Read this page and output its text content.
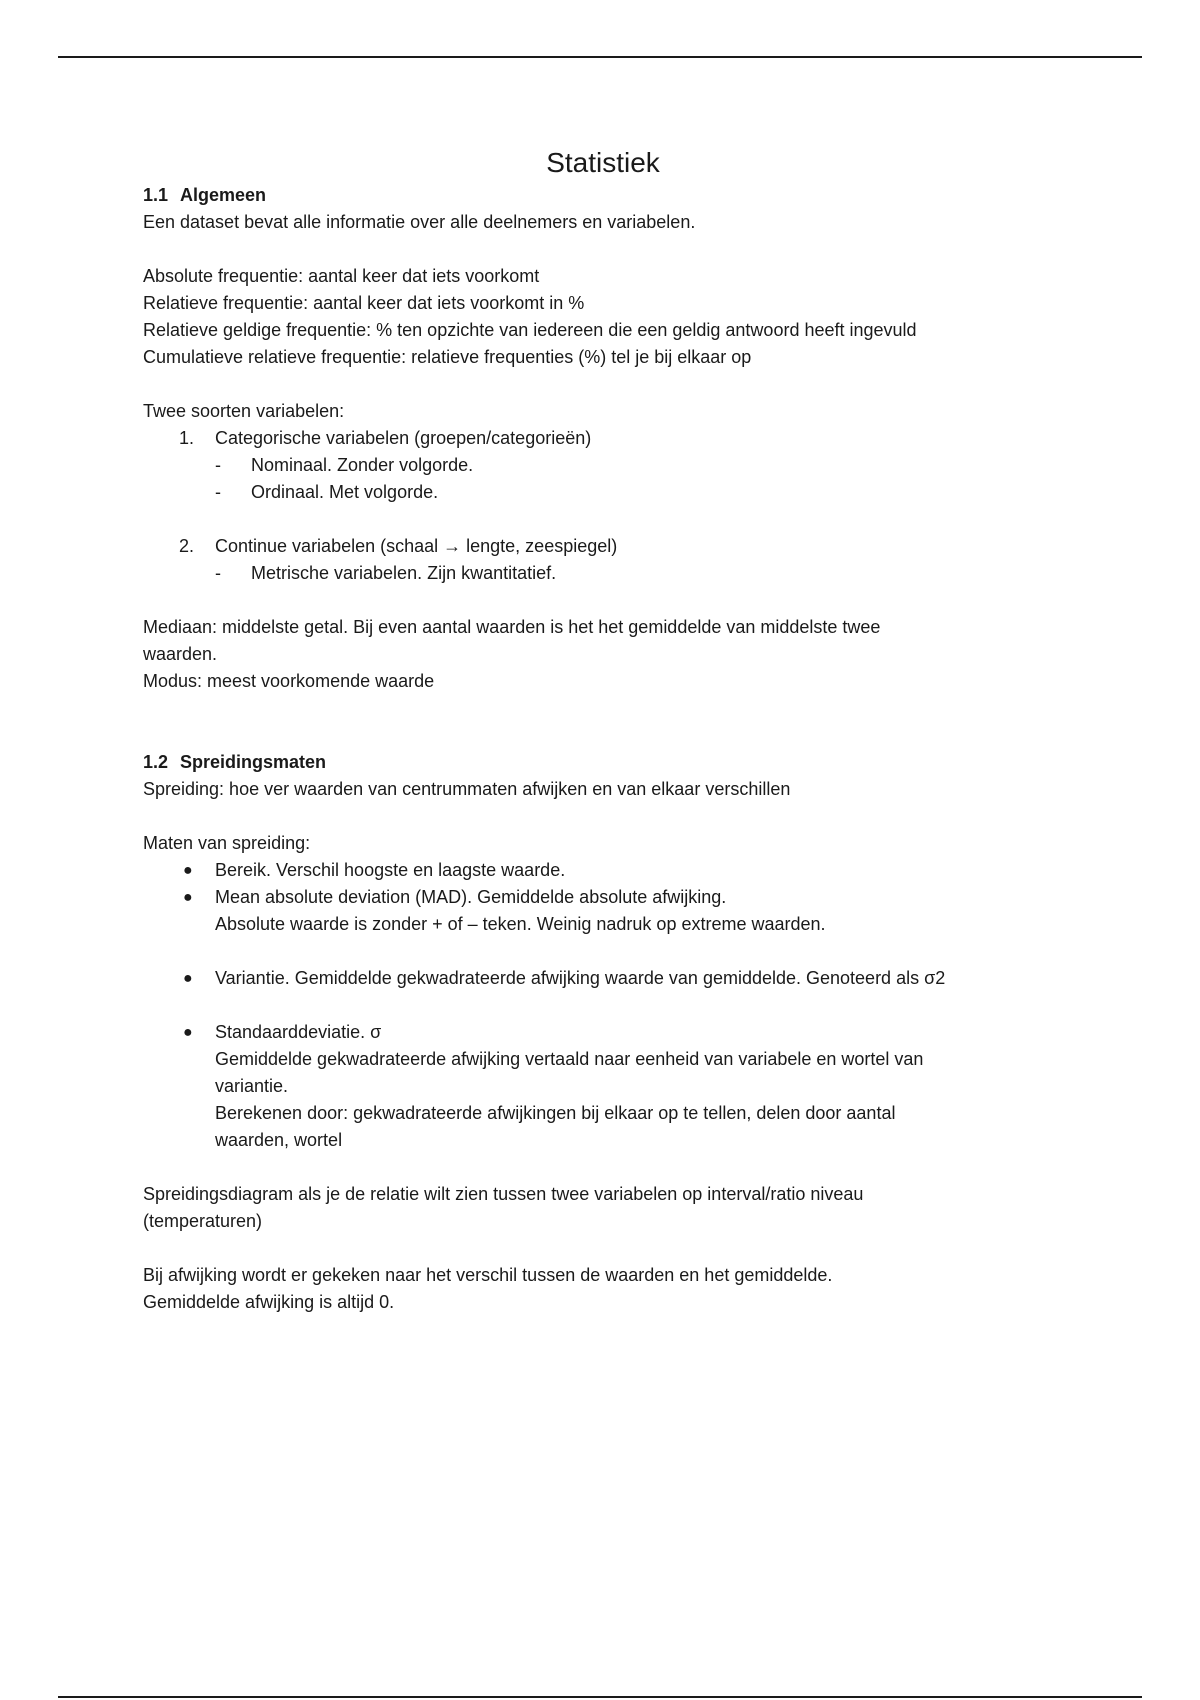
Statistiek
1.1 Algemeen

Een dataset bevat alle informatie over alle deelnemers en variabelen.

Absolute frequentie: aantal keer dat iets voorkomt

Relatieve frequentie: aantal keer dat iets voorkomt in %

Relatieve geldige frequentie: % ten opzichte van iedereen die een geldig antwoord heeft ingevuld

Cumulatieve relatieve frequentie: relatieve frequenties (%) tel je bij elkaar op

Twee soorten variabelen:

1. Categorische variabelen (groepen/categorieën)
- Nominaal. Zonder volgorde.
- Ordinaal. Met volgorde.
2. Continue variabelen (schaal → lengte, zeespiegel)
- Metrische variabelen. Zijn kwantitatief.

Mediaan: middelste getal. Bij even aantal waarden is het het gemiddelde van middelste twee

waarden.

Modus: meest voorkomende waarde

1.2 Spreidingsmaten

Spreiding: hoe ver waarden van centrummaten afwijken en van elkaar verschillen

Maten van spreiding:

● Bereik. Verschil hoogste en laagste waarde.
● Mean absolute deviation (MAD). Gemiddelde absolute afwijking.

Absolute waarde is zonder + of – teken. Weinig nadruk op extreme waarden.

● Variantie. Gemiddelde gekwadrateerde afwijking waarde van gemiddelde. Genoteerd als σ2
● Standaarddeviatie. σ

Gemiddelde gekwadrateerde afwijking vertaald naar eenheid van variabele en wortel van

variantie.

Berekenen door: gekwadrateerde afwijkingen bij elkaar op te tellen, delen door aantal

waarden, wortel

Spreidingsdiagram als je de relatie wilt zien tussen twee variabelen op interval/ratio niveau

(temperaturen)

Bij afwijking wordt er gekeken naar het verschil tussen de waarden en het gemiddelde.

Gemiddelde afwijking is altijd 0.
